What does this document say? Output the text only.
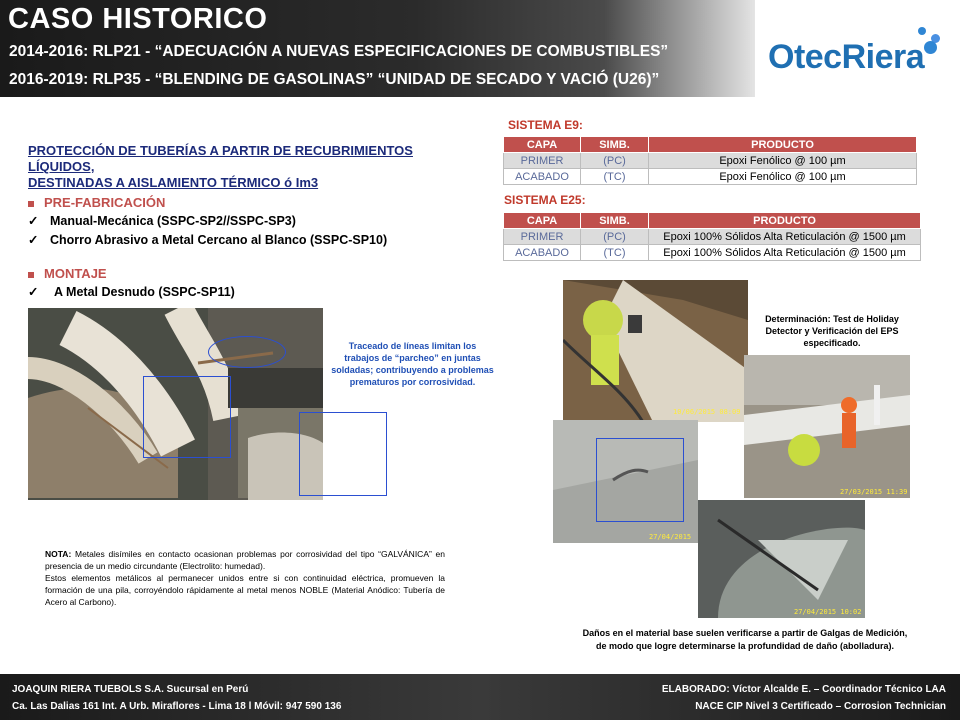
CASO HISTORICO
2014-2016: RLP21 - “ADECUACIÓN A NUEVAS ESPECIFICACIONES DE COMBUSTIBLES”
2016-2019: RLP35 - “BLENDING DE GASOLINAS” “UNIDAD DE SECADO Y VACIÓ (U26)”
OtecRiera
PROTECCIÓN DE TUBERÍAS A PARTIR DE RECUBRIMIENTOS LÍQUIDOS,
DESTINADAS A AISLAMIENTO TÉRMICO ó Im3
PRE-FABRICACIÓN
✓ Manual-Mecánica (SSPC-SP2//SSPC-SP3)
✓ Chorro Abrasivo a Metal Cercano al Blanco (SSPC-SP10)
MONTAJE
✓ A Metal Desnudo (SSPC-SP11)
Traceado de líneas limitan los trabajos de “parcheo” en juntas soldadas; contribuyendo a problemas prematuros por corrosividad.
NOTA: Metales disímiles en contacto ocasionan problemas por corrosividad del tipo “GALVÁNICA” en presencia de un medio circundante (Electrolito: humedad).
Estos elementos metálicos al permanecer unidos entre si con continuidad eléctrica, promueven la formación de una pila, corroyéndolo rápidamente al metal menos NOBLE (Material Anódico: Tubería de Acero al Carbono).
SISTEMA E9:
CAPA	SIMB.	PRODUCTO
PRIMER	(PC)	Epoxi Fenólico @ 100 µm
ACABADO	(TC)	Epoxi Fenólico @ 100 µm
SISTEMA E25:
CAPA	SIMB.	PRODUCTO
PRIMER	(PC)	Epoxi 100% Sólidos Alta Reticulación @ 1500 µm
ACABADO	(TC)	Epoxi 100% Sólidos Alta Reticulación @ 1500 µm
10/06/2015 08:09
27/03/2015 11:39
27/04/2015
27/04/2015 10:02
Determinación: Test de Holiday Detector y Verificación del EPS especificado.
Daños en el material base suelen verificarse a partir de Galgas de Medición, de modo que logre determinarse la profundidad de daño (abolladura).
JOAQUIN RIERA TUEBOLS S.A. Sucursal en Perú
Ca. Las Dalias 161 Int. A Urb. Miraflores - Lima 18 l Móvil: 947 590 136
ELABORADO: Víctor Alcalde E. – Coordinador Técnico LAA
NACE CIP Nivel 3 Certificado – Corrosion Technician
